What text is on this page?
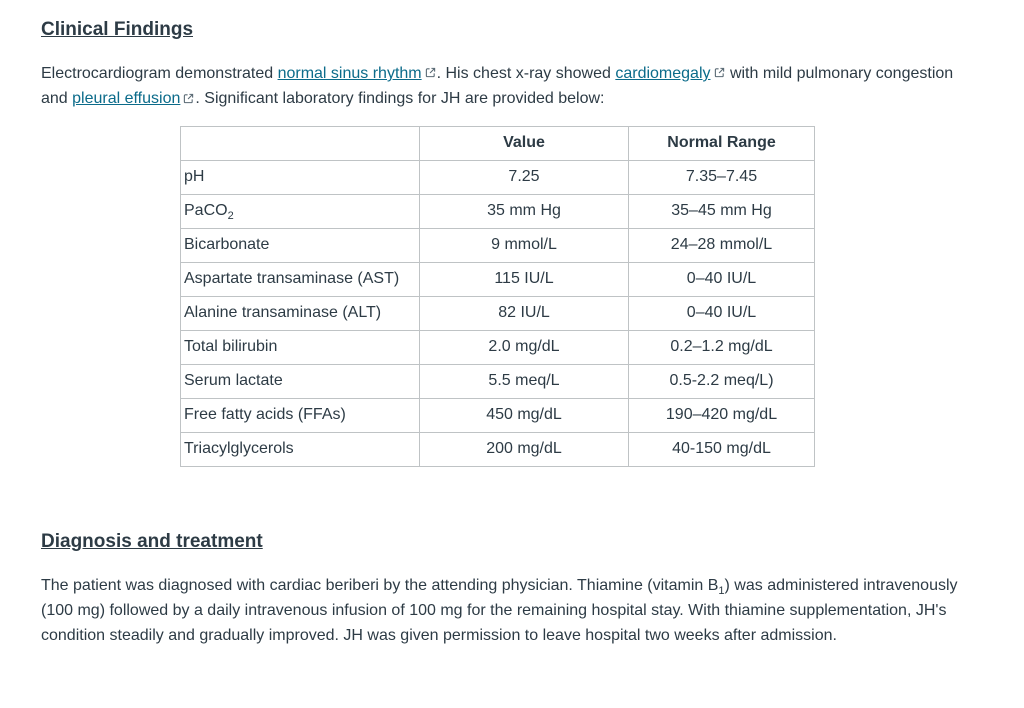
Clinical Findings

Electrocardiogram demonstrated normal sinus rhythm . His chest x-ray showed cardiomegaly with mild pulmonary congestion and pleural effusion . Significant laboratory findings for JH are provided below:

	Value	Normal Range
pH	7.25	7.35–7.45
PaCO$_2$	35 mm Hg	35–45 mm Hg
Bicarbonate	9 mmol/L	24–28 mmol/L
Aspartate transaminase (AST)	115 IU/L	0–40 IU/L
Alanine transaminase (ALT)	82 IU/L	0–40 IU/L
Total bilirubin	2.0 mg/dL	0.2–1.2 mg/dL
Serum lactate	5.5 meq/L	0.5-2.2 meq/L)
Free fatty acids (FFAs)	450 mg/dL	190–420 mg/dL
Triacylglycerols	200 mg/dL	40-150 mg/dL
Diagnosis and treatment

The patient was diagnosed with cardiac beriberi by the attending physician. Thiamine (vitamin $B_1$) was administered intravenously (100 mg) followed by a daily intravenous infusion of 100 mg for the remaining hospital stay. With thiamine supplementation, JH's condition steadily and gradually improved. JH was given permission to leave hospital two weeks after admission.
